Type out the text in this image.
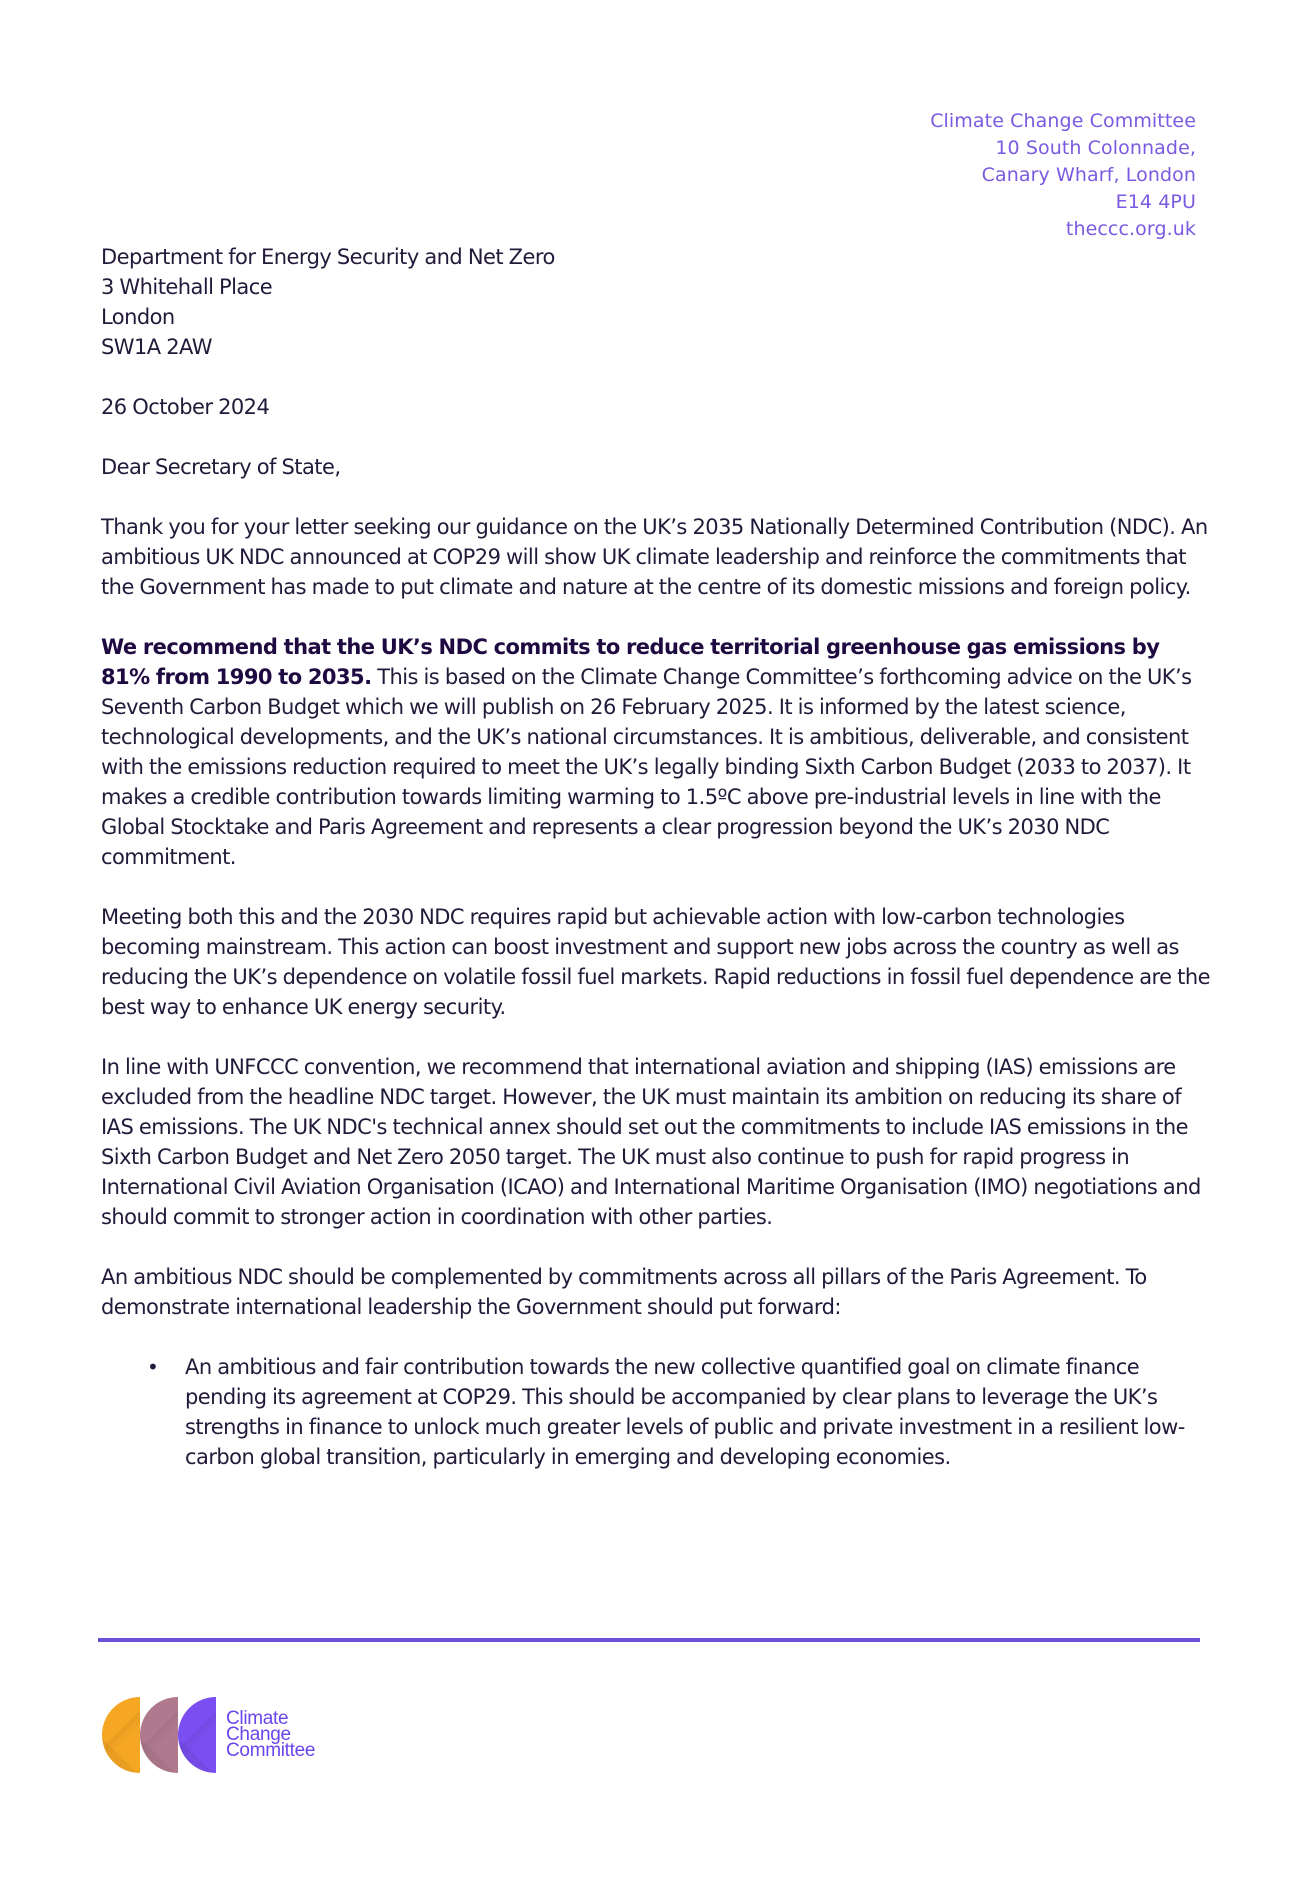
Climate Change Committee
10 South Colonnade,
Canary Wharf, London
E14 4PU
theccc.org.uk
Department for Energy Security and Net Zero
3 Whitehall Place
London
SW1A 2AW
26 October 2024
Dear Secretary of State,

Thank you for your letter seeking our guidance on the UK’s 2035 Nationally Determined Contribution (NDC). An ambitious UK NDC announced at COP29 will show UK climate leadership and reinforce the commitments that the Government has made to put climate and nature at the centre of its domestic missions and foreign policy.

We recommend that the UK’s NDC commits to reduce territorial greenhouse gas emissions by 81% from 1990 to 2035. This is based on the Climate Change Committee’s forthcoming advice on the UK’s Seventh Carbon Budget which we will publish on 26 February 2025. It is informed by the latest science, technological developments, and the UK’s national circumstances. It is ambitious, deliverable, and consistent with the emissions reduction required to meet the UK’s legally binding Sixth Carbon Budget (2033 to 2037). It makes a credible contribution towards limiting warming to 1.5ºC above pre-industrial levels in line with the Global Stocktake and Paris Agreement and represents a clear progression beyond the UK’s 2030 NDC commitment.

Meeting both this and the 2030 NDC requires rapid but achievable action with low-carbon technologies becoming mainstream. This action can boost investment and support new jobs across the country as well as reducing the UK’s dependence on volatile fossil fuel markets. Rapid reductions in fossil fuel dependence are the best way to enhance UK energy security.

In line with UNFCCC convention, we recommend that international aviation and shipping (IAS) emissions are excluded from the headline NDC target. However, the UK must maintain its ambition on reducing its share of IAS emissions. The UK NDC's technical annex should set out the commitments to include IAS emissions in the Sixth Carbon Budget and Net Zero 2050 target. The UK must also continue to push for rapid progress in International Civil Aviation Organisation (ICAO) and International Maritime Organisation (IMO) negotiations and should commit to stronger action in coordination with other parties.

An ambitious NDC should be complemented by commitments across all pillars of the Paris Agreement. To demonstrate international leadership the Government should put forward:

• An ambitious and fair contribution towards the new collective quantified goal on climate finance pending its agreement at COP29. This should be accompanied by clear plans to leverage the UK’s strengths in finance to unlock much greater levels of public and private investment in a resilient low-carbon global transition, particularly in emerging and developing economies.
Climate
Change
Committee
